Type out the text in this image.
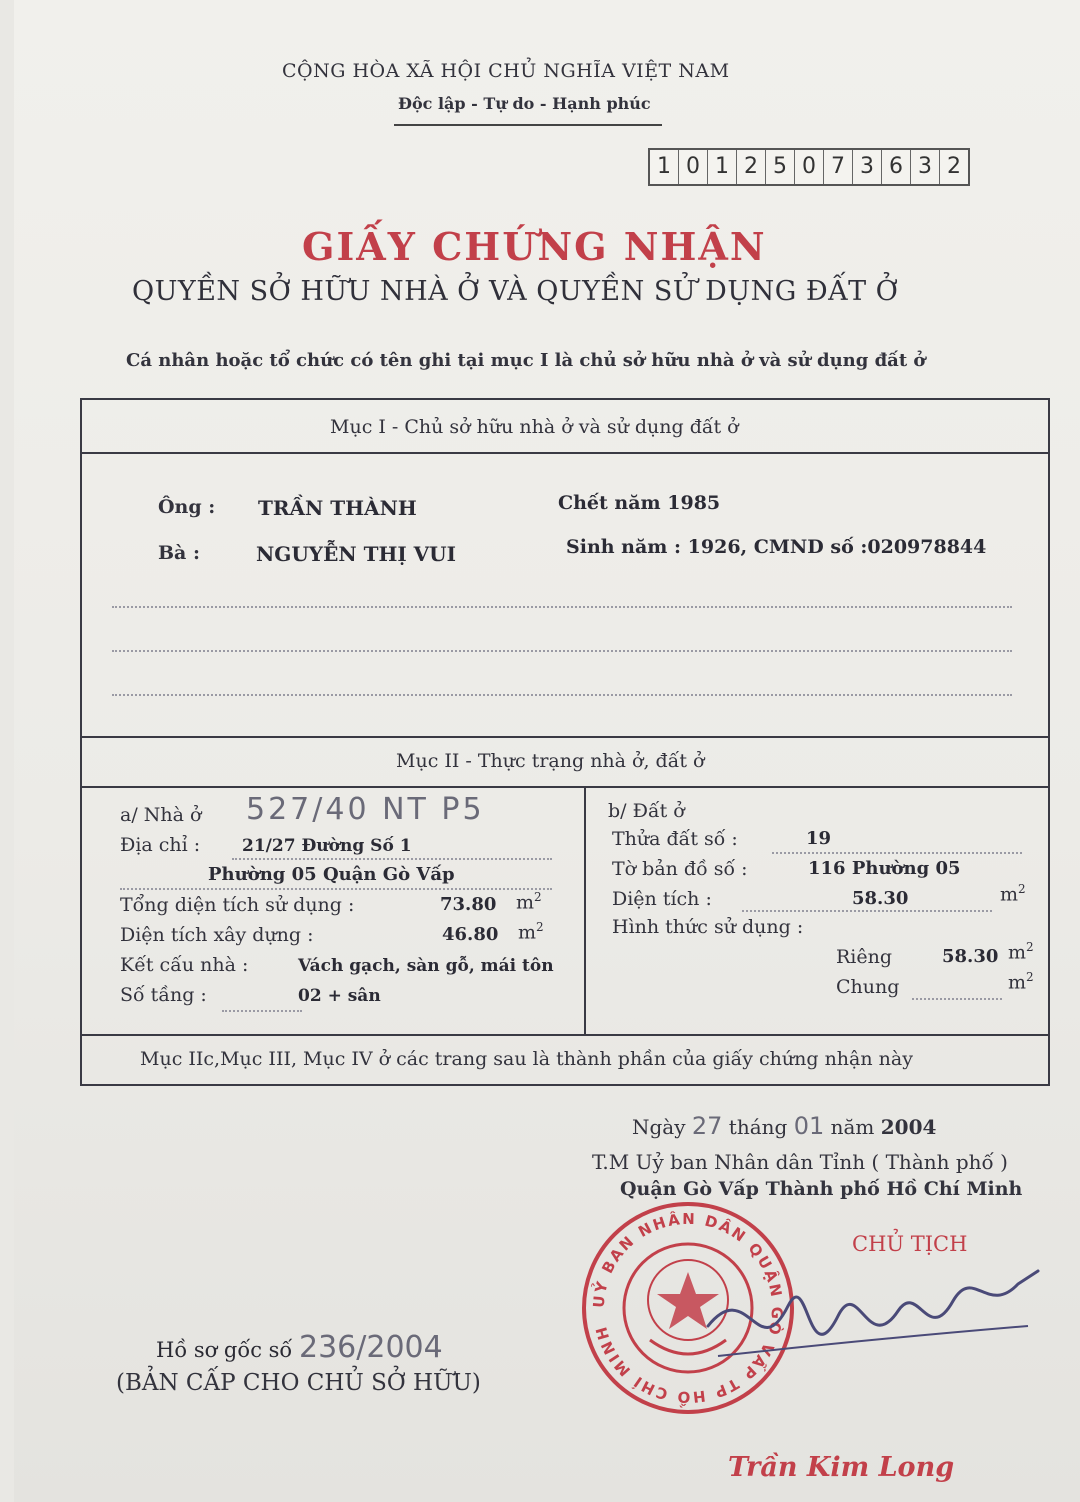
CỘNG HÒA XÃ HỘI CHỦ NGHĨA VIỆT NAM
Độc lập - Tự do - Hạnh phúc
1 0 1 2 5 0 7 3 6 3 2
GIẤY CHỨNG NHẬN
QUYỀN SỞ HỮU NHÀ Ở VÀ QUYỀN SỬ DỤNG ĐẤT Ở
Cá nhân hoặc tổ chức có tên ghi tại mục I là chủ sở hữu nhà ở và sử dụng đất ở
Mục I - Chủ sở hữu nhà ở và sử dụng đất ở
Ông : TRẦN THÀNH	Chết năm 1985
Bà :	NGUYỄN THỊ VUI	Sinh năm : 1926, CMND số :020978844
Mục II - Thực trạng nhà ở, đất ở
a/ Nhà ở 527/40 NT P5
Địa chỉ : 21/27 Đường Số 1
Phường 05 Quận Gò Vấp
Tổng diện tích sử dụng :	73.80 $m^2$
Diện tích xây dựng :	46.80 $m^2$
Kết cấu nhà :	Vách gạch, sàn gỗ, mái tôn
Số tầng :	02 + sân
b/ Đất ở
Thửa đất số :	19
Tờ bản đồ số :	116 Phường 05
Diện tích :	58.30	$m^2$
Hình thức sử dụng :
Riêng	58.30 $m^2$
Chung	$m^2$
Mục IIc,Mục III, Mục IV ở các trang sau là thành phần của giấy chứng nhận này
Ngày 27 tháng 01 năm 2004
T.M Uỷ ban Nhân dân Tỉnh ( Thành phố )
Quận Gò Vấp Thành phố Hồ Chí Minh
CHỦ TỊCH
UỶ BAN NHÂN DÂN QUẬN GÒ VẤP TP HỒ CHÍ MINH
Trần Kim Long
Hồ sơ gốc số 236/2004
(BẢN CẤP CHO CHỦ SỞ HỮU)
